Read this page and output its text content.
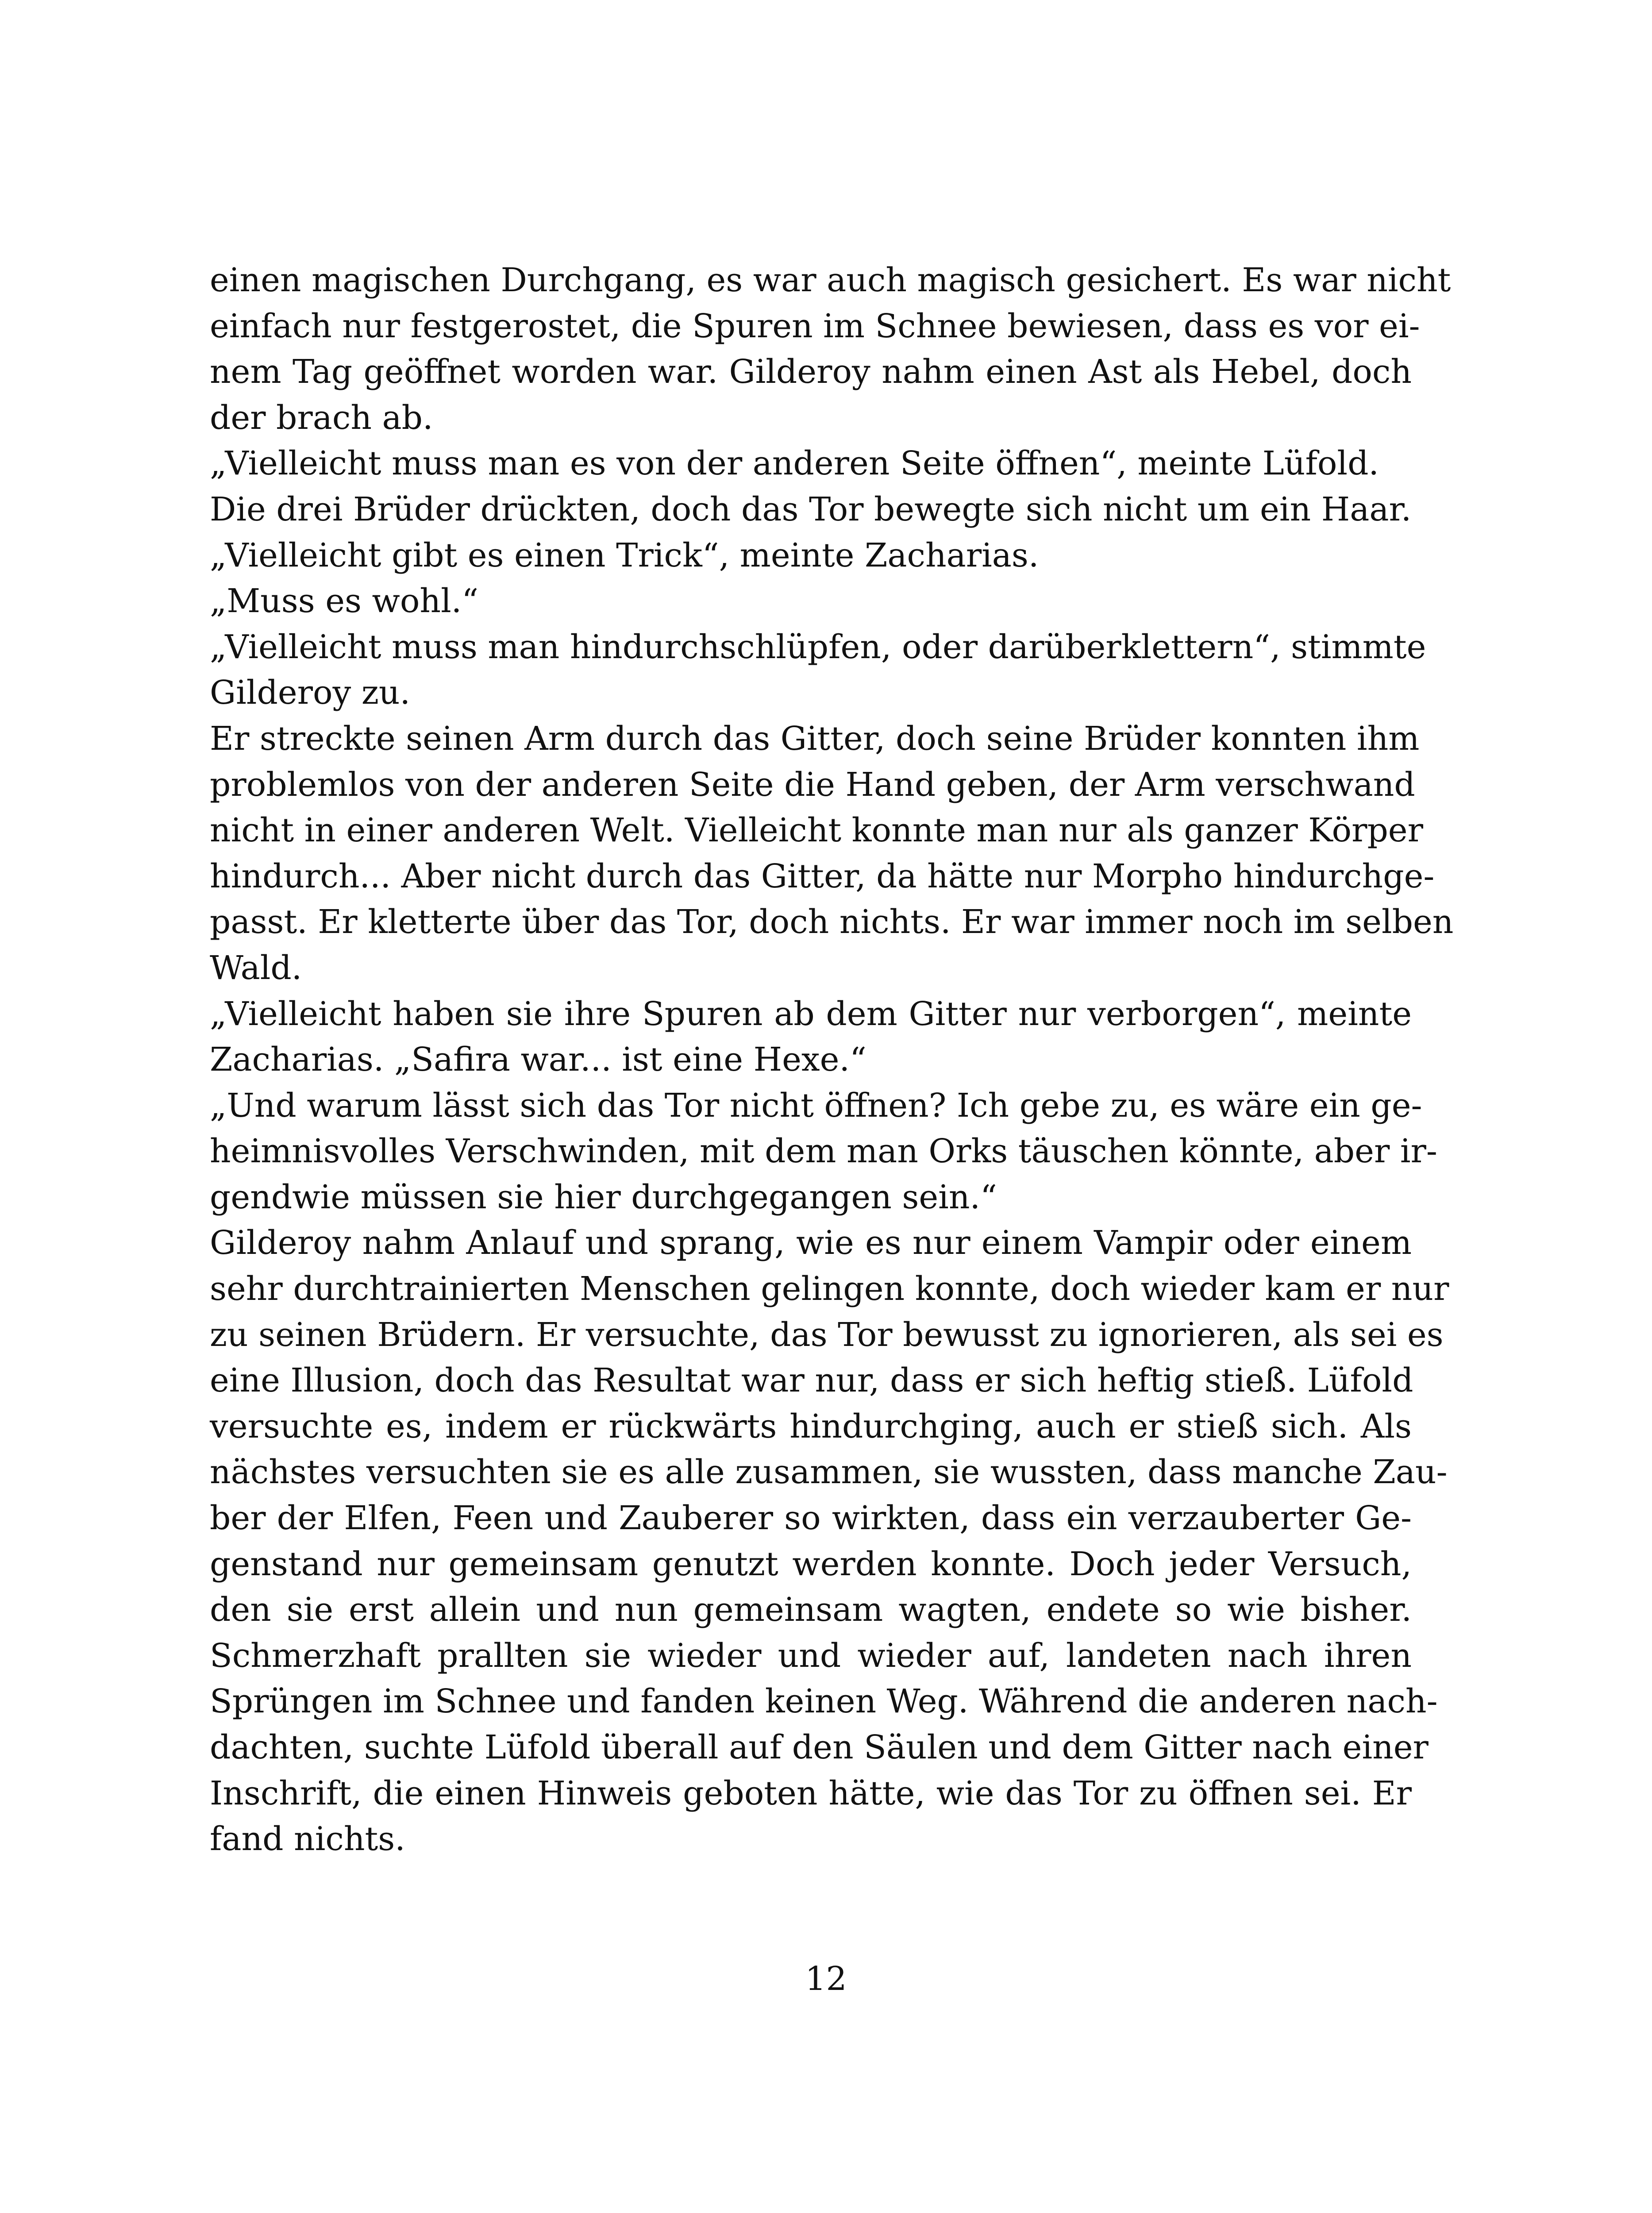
einen magischen Durchgang, es war auch magisch gesichert. Es war nicht
einfach nur festgerostet, die Spuren im Schnee bewiesen, dass es vor ei-
nem Tag geöffnet worden war. Gilderoy nahm einen Ast als Hebel, doch
der brach ab.
„Vielleicht muss man es von der anderen Seite öffnen“, meinte Lüfold.
Die drei Brüder drückten, doch das Tor bewegte sich nicht um ein Haar.
„Vielleicht gibt es einen Trick“, meinte Zacharias.
„Muss es wohl.“
„Vielleicht muss man hindurchschlüpfen, oder darüberklettern“, stimmte
Gilderoy zu.
Er streckte seinen Arm durch das Gitter, doch seine Brüder konnten ihm
problemlos von der anderen Seite die Hand geben, der Arm verschwand
nicht in einer anderen Welt. Vielleicht konnte man nur als ganzer Körper
hindurch... Aber nicht durch das Gitter, da hätte nur Morpho hindurchge-
passt. Er kletterte über das Tor, doch nichts. Er war immer noch im selben
Wald.
„Vielleicht haben sie ihre Spuren ab dem Gitter nur verborgen“, meinte
Zacharias. „Safira war... ist eine Hexe.“
„Und warum lässt sich das Tor nicht öffnen? Ich gebe zu, es wäre ein ge-
heimnisvolles Verschwinden, mit dem man Orks täuschen könnte, aber ir-
gendwie müssen sie hier durchgegangen sein.“
Gilderoy nahm Anlauf und sprang, wie es nur einem Vampir oder einem
sehr durchtrainierten Menschen gelingen konnte, doch wieder kam er nur
zu seinen Brüdern. Er versuchte, das Tor bewusst zu ignorieren, als sei es
eine Illusion, doch das Resultat war nur, dass er sich heftig stieß. Lüfold
versuchte es, indem er rückwärts hindurchging, auch er stieß sich. Als
nächstes versuchten sie es alle zusammen, sie wussten, dass manche Zau-
ber der Elfen, Feen und Zauberer so wirkten, dass ein verzauberter Ge-
genstand nur gemeinsam genutzt werden konnte. Doch jeder Versuch,
den sie erst allein und nun gemeinsam wagten, endete so wie bisher.
Schmerzhaft prallten sie wieder und wieder auf, landeten nach ihren
Sprüngen im Schnee und fanden keinen Weg. Während die anderen nach-
dachten, suchte Lüfold überall auf den Säulen und dem Gitter nach einer
Inschrift, die einen Hinweis geboten hätte, wie das Tor zu öffnen sei. Er
fand nichts.
12
